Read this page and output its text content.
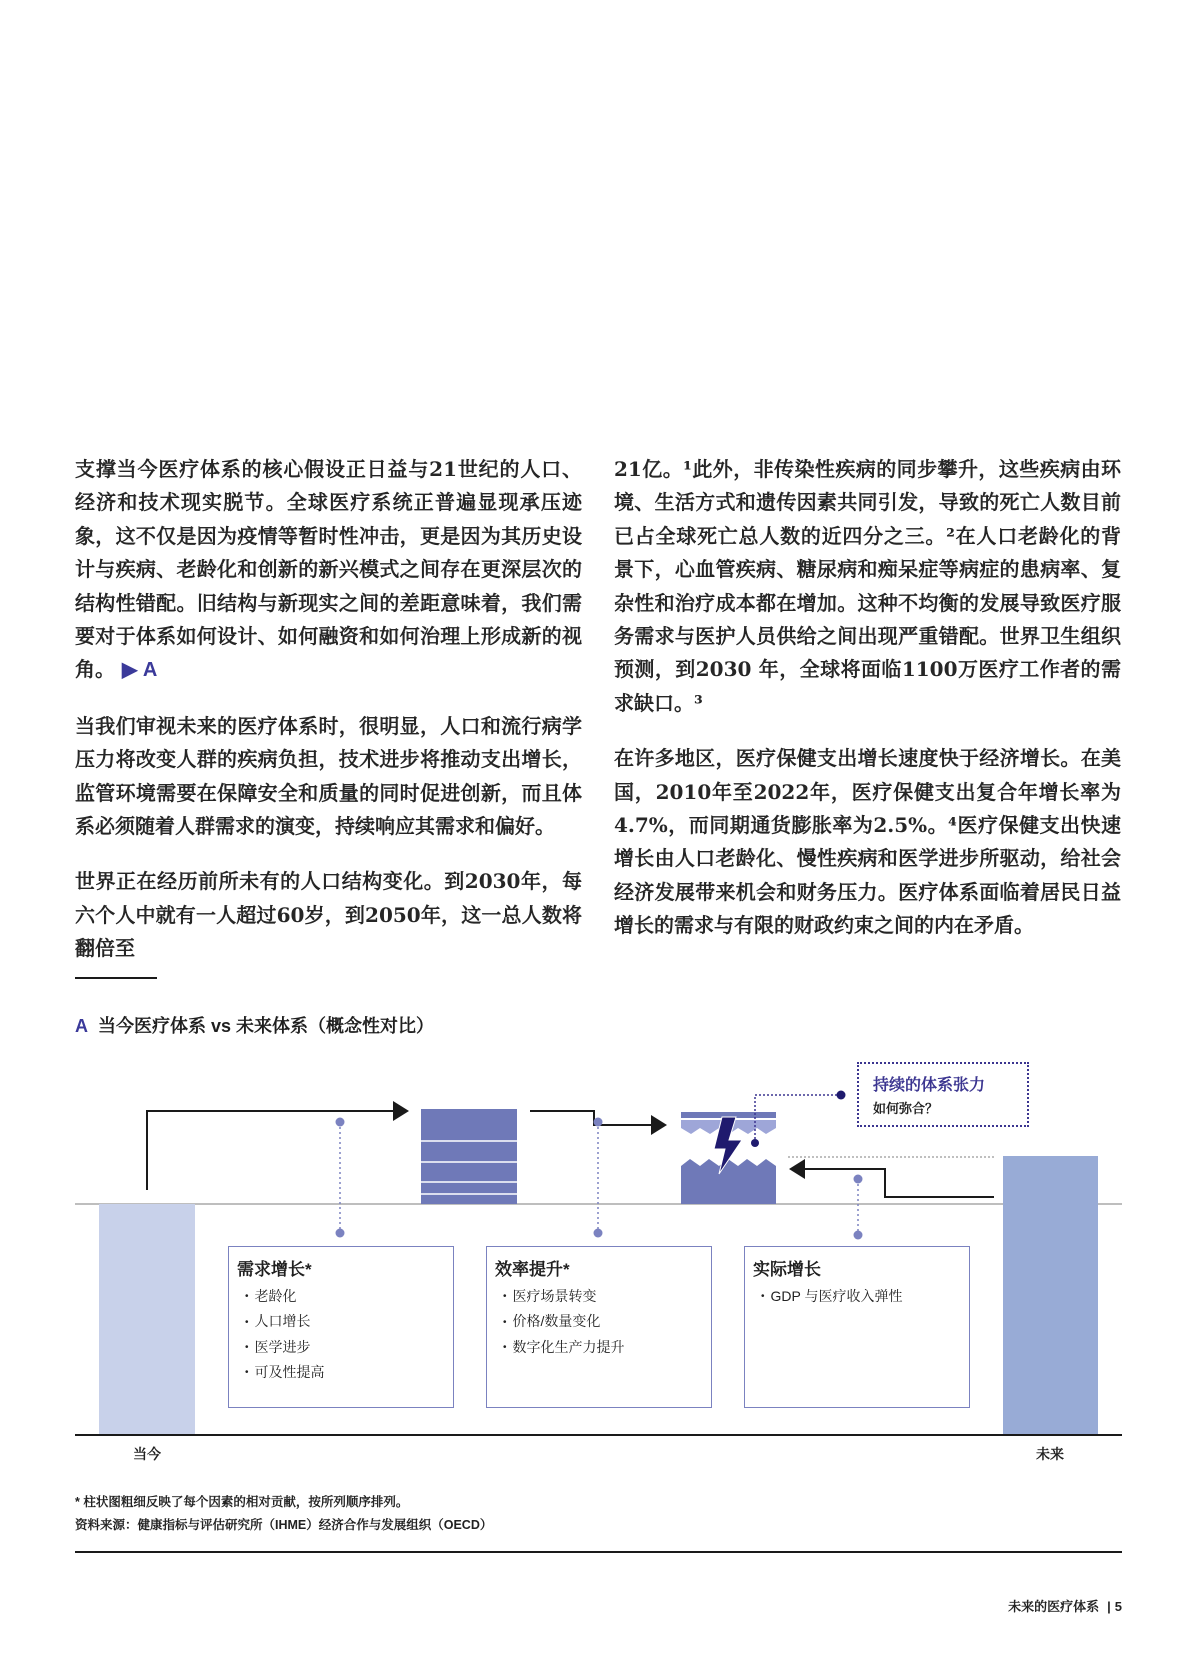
支撑当今医疗体系的核心假设正日益与21世纪的人口、经济和技术现实脱节。全球医疗系统正普遍显现承压迹象，这不仅是因为疫情等暂时性冲击，更是因为其历史设计与疾病、老龄化和创新的新兴模式之间存在更深层次的结构性错配。旧结构与新现实之间的差距意味着，我们需要对于体系如何设计、如何融资和如何治理上形成新的视角。 ▶ A

当我们审视未来的医疗体系时，很明显，人口和流行病学压力将改变人群的疾病负担，技术进步将推动支出增长，监管环境需要在保障安全和质量的同时促进创新，而且体系必须随着人群需求的演变，持续响应其需求和偏好。

世界正在经历前所未有的人口结构变化。到2030年，每六个人中就有一人超过60岁，到2050年，这一总人数将翻倍至

21亿。¹此外，非传染性疾病的同步攀升，这些疾病由环境、生活方式和遗传因素共同引发，导致的死亡人数目前已占全球死亡总人数的近四分之三。²在人口老龄化的背景下，心血管疾病、糖尿病和痴呆症等病症的患病率、复杂性和治疗成本都在增加。这种不均衡的发展导致医疗服务需求与医护人员供给之间出现严重错配。世界卫生组织预测，到2030 年，全球将面临1100万医疗工作者的需求缺口。³

在许多地区，医疗保健支出增长速度快于经济增长。在美国，2010年至2022年，医疗保健支出复合年增长率为4.7%，而同期通货膨胀率为2.5%。⁴医疗保健支出快速增长由人口老龄化、慢性疾病和医学进步所驱动，给社会经济发展带来机会和财务压力。医疗体系面临着居民日益增长的需求与有限的财政约束之间的内在矛盾。

A 当今医疗体系 vs 未来体系（概念性对比）
持续的体系张力
如何弥合？
需求增长*
• 老龄化
• 人口增长
• 医学进步
• 可及性提高
效率提升*
• 医疗场景转变
• 价格/数量变化
• 数字化生产力提升
实际增长
• GDP 与医疗收入弹性
当今	未来
* 柱状图粗细反映了每个因素的相对贡献，按所列顺序排列。
资料来源：健康指标与评估研究所（IHME）经济合作与发展组织（OECD）
未来的医疗体系 | 5
